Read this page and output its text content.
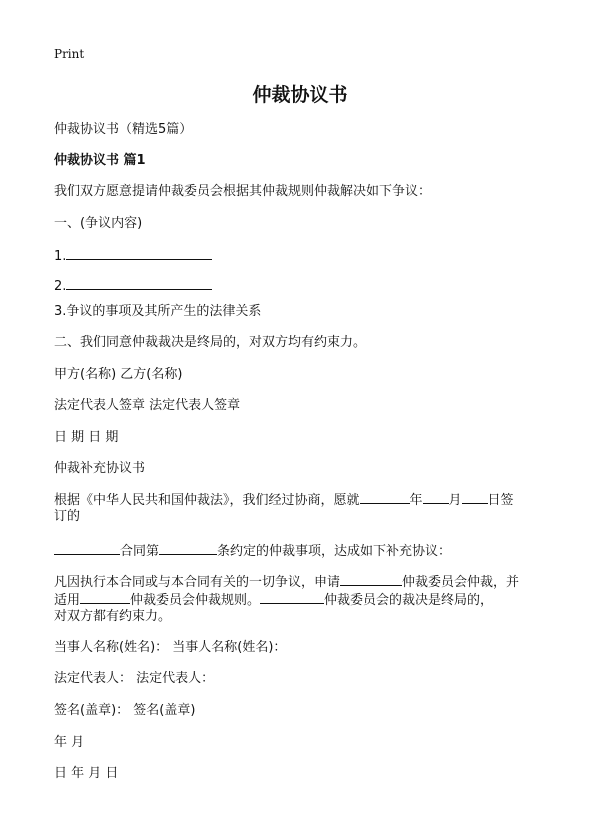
Print
仲裁协议书
仲裁协议书（精选5篇）
仲裁协议书 篇1
我们双方愿意提请仲裁委员会根据其仲裁规则仲裁解决如下争议：
一、(争议内容)
1.
2.
3.争议的事项及其所产生的法律关系
二、我们同意仲裁裁决是终局的，对双方均有约束力。
甲方(名称) 乙方(名称)
法定代表人签章 法定代表人签章
日 期 日 期
仲裁补充协议书
根据《中华人民共和国仲裁法》，我们经过协商，愿就	年 月 日签
订的
合同第	条约定的仲裁事项，达成如下补充协议：
凡因执行本合同或与本合同有关的一切争议，申请	仲裁委员会仲裁，并
适用	仲裁委员会仲裁规则。	仲裁委员会的裁决是终局的，
对双方都有约束力。
当事人名称(姓名)： 当事人名称(姓名)：
法定代表人： 法定代表人：
签名(盖章)： 签名(盖章)
年 月
日 年 月 日
